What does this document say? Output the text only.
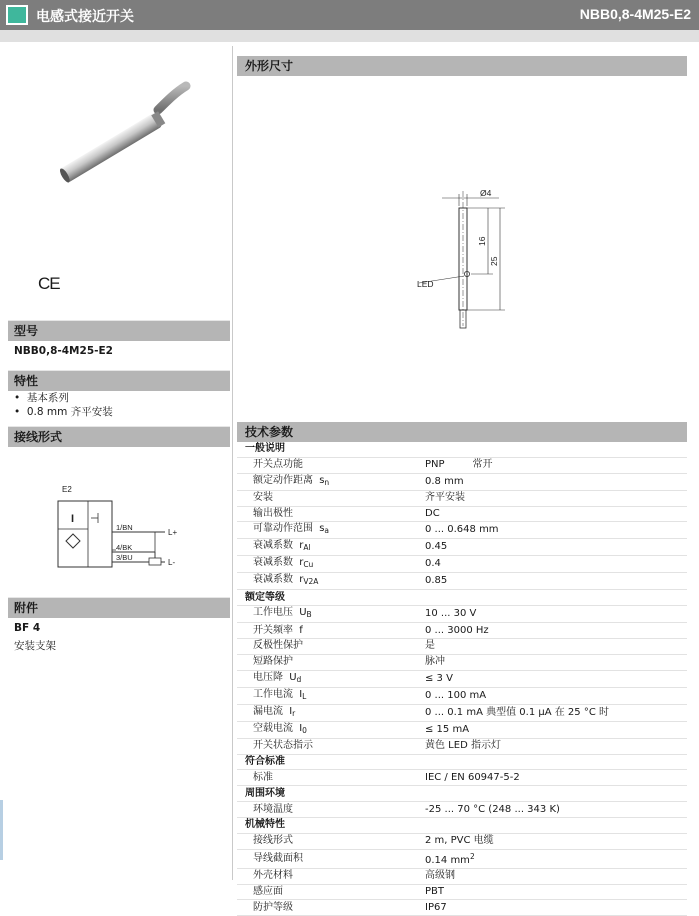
电感式接近开关	NBB0,8-4M25-E2
CE
型号
NBB0,8-4M25-E2
特性
•  基本系列
•  0.8 mm 齐平安装
接线形式
E2
I
1/BN
4/BK
3/BU
L+
L-
附件
BF 4
安装支架
外形尺寸
Ø4
16
25
LED
技术参数
一般说明	
开关点功能	PNP 常开
额定动作距离 $s_n$	0.8 mm
安装	齐平安装
输出极性	DC
可靠动作范围 $s_a$	0 ... 0.648 mm
衰减系数 $r_{Al}$	0.45
衰减系数 $r_{Cu}$	0.4
衰减系数 $r_{V2A}$	0.85
额定等级	
工作电压 $U_B$	10 ... 30 V
开关频率 f	0 ... 3000 Hz
反极性保护	是
短路保护	脉冲
电压降 $U_d$	≤ 3 V
工作电流 $I_L$	0 ... 100 mA
漏电流 $I_r$	0 ... 0.1 mA 典型值 0.1 μA 在 25 °C 时
空载电流 $I_0$	≤ 15 mA
开关状态指示	黄色 LED 指示灯
符合标准	
标准	IEC / EN 60947-5-2
周围环境	
环境温度	-25 ... 70 °C (248 ... 343 K)
机械特性	
接线形式	2 m, PVC 电缆
导线截面积	0.14 $mm^2$
外壳材料	高级钢
感应面	PBT
防护等级	IP67
